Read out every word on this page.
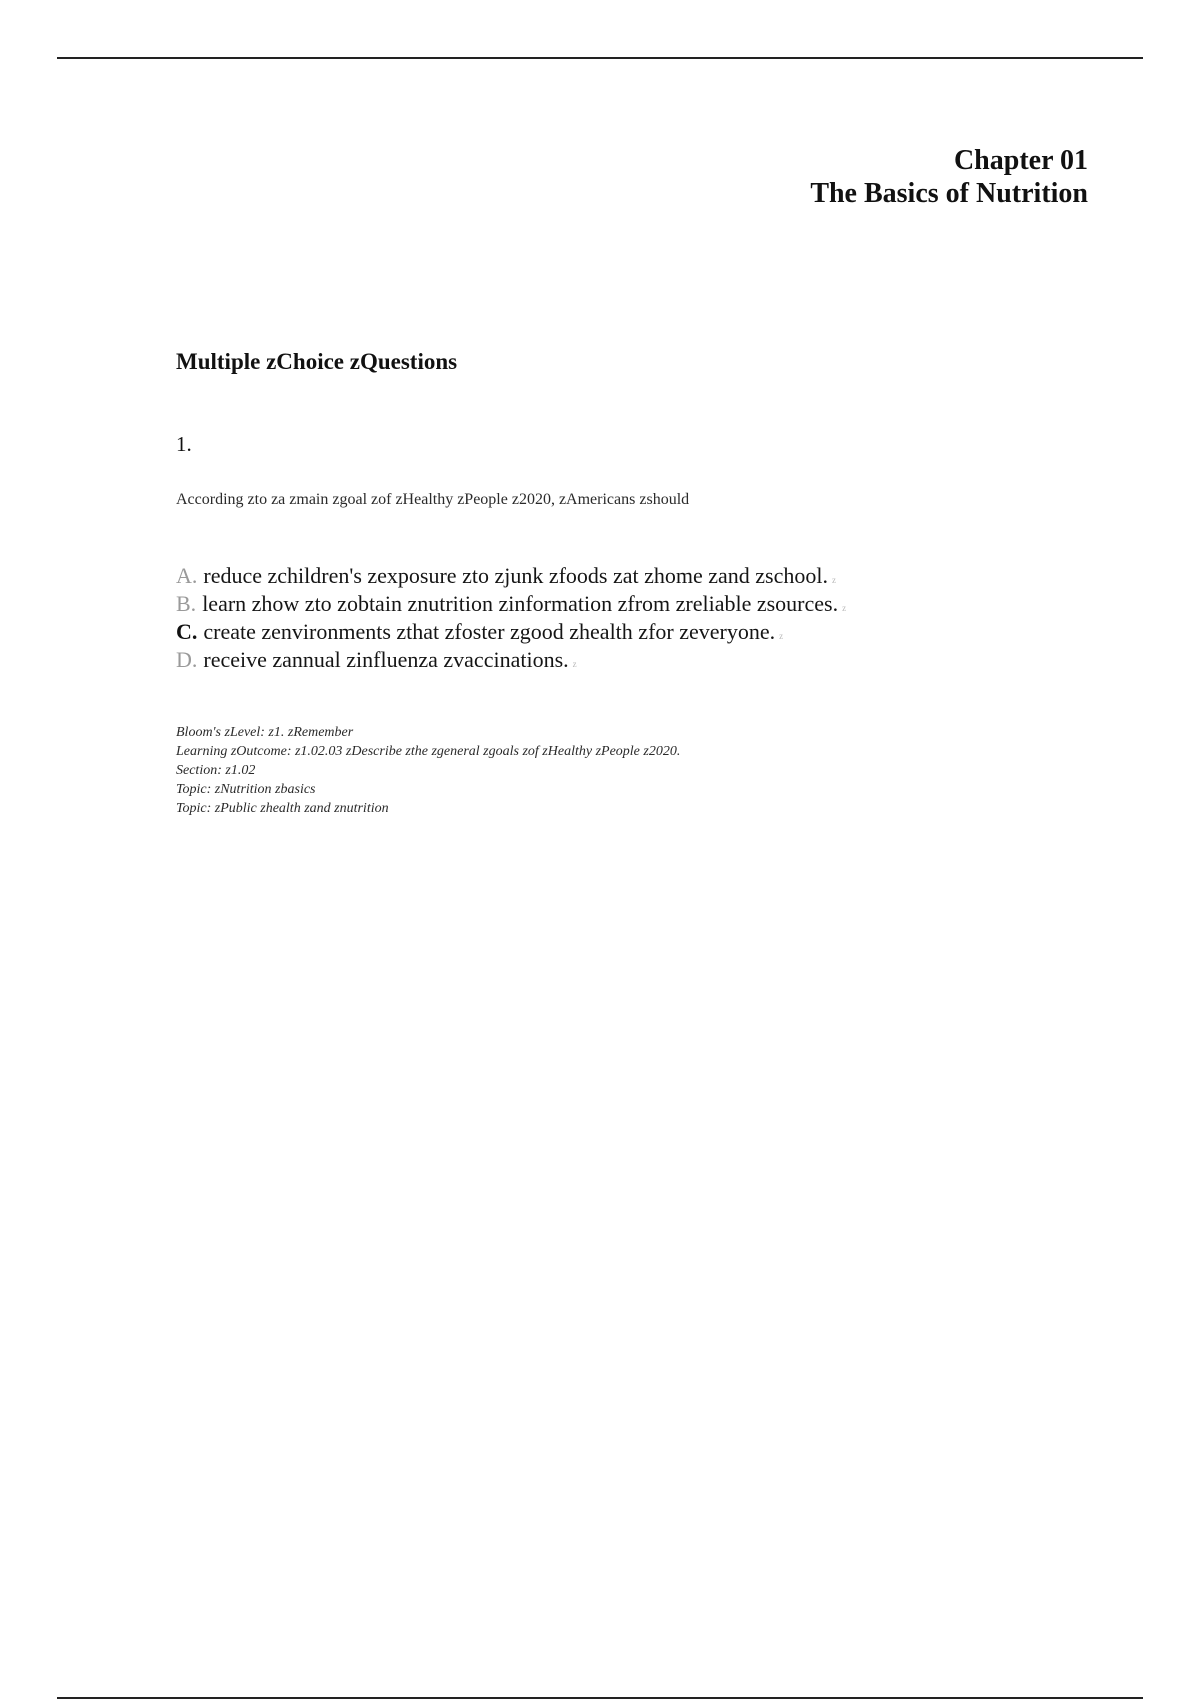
Chapter 01
The Basics of Nutrition
Multiple zChoice zQuestions
1.
According zto za zmain zgoal zof zHealthy zPeople z2020, zAmericans zshould
A. reduce zchildren's zexposure zto zjunk zfoods zat zhome zand zschool. z
B. learn zhow zto zobtain znutrition zinformation zfrom zreliable zsources. z
C. create zenvironments zthat zfoster zgood zhealth zfor zeveryone. z
D. receive zannual zinfluenza zvaccinations. z
Bloom's zLevel: z1. zRemember
Learning zOutcome: z1.02.03 zDescribe zthe zgeneral zgoals zof zHealthy zPeople z2020.
Section: z1.02
Topic: zNutrition zbasics
Topic: zPublic zhealth zand znutrition
